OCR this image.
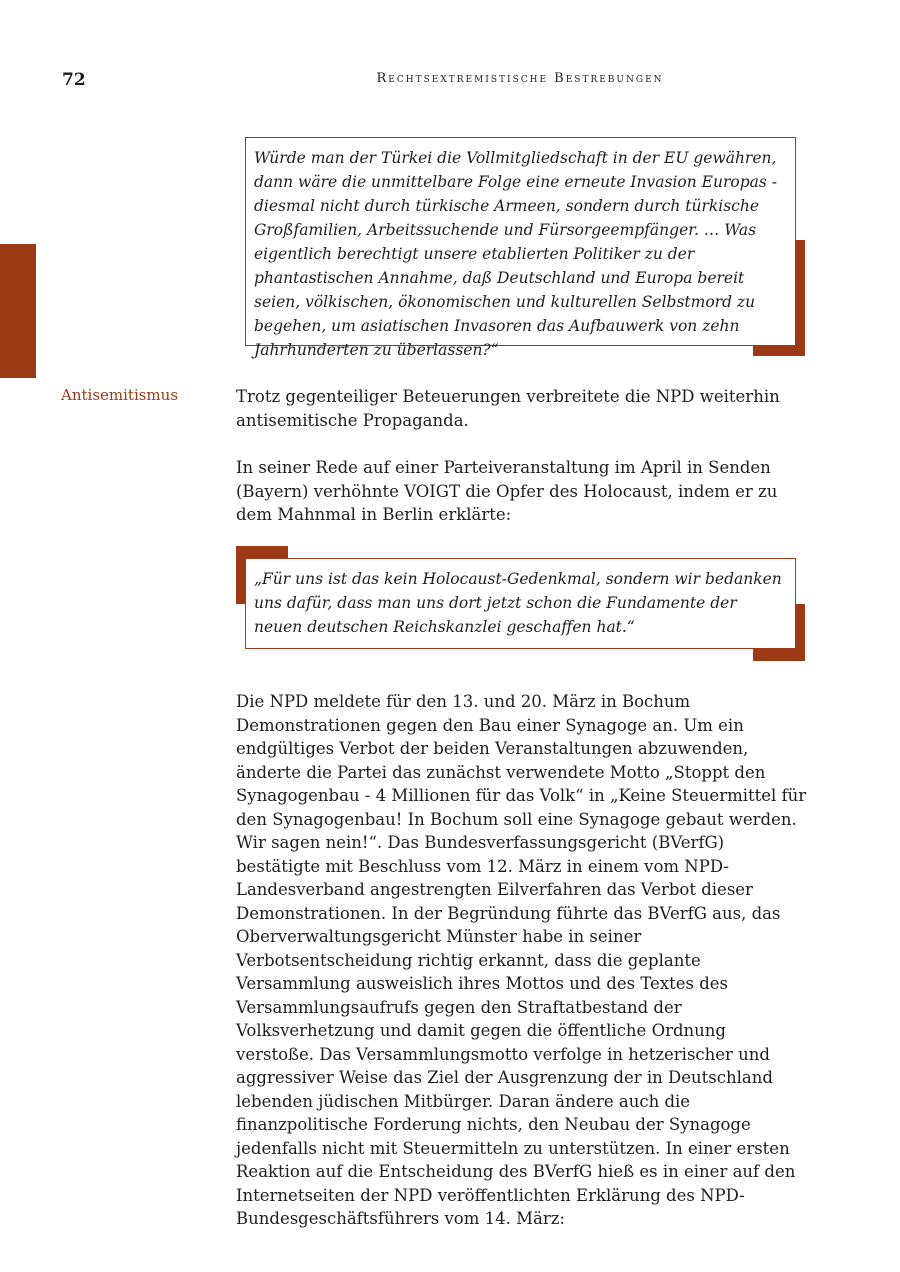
72	Rechtsextremistische Bestrebungen
Würde man der Türkei die Vollmitgliedschaft in der EU gewähren, dann wäre die unmittelbare Folge eine erneute Invasion Europas - diesmal nicht durch türkische Armeen, sondern durch türkische Großfamilien, Arbeitssuchende und Fürsorgeempfänger. … Was eigentlich berechtigt unsere etablierten Politiker zu der phantastischen Annahme, daß Deutschland und Europa bereit seien, völkischen, ökonomischen und kulturellen Selbstmord zu begehen, um asiatischen Invasoren das Aufbauwerk von zehn Jahrhunderten zu überlassen?“
Antisemitismus	Trotz gegenteiliger Beteuerungen verbreitete die NPD weiterhin antisemitische Propaganda.

In seiner Rede auf einer Parteiveranstaltung im April in Senden (Bayern) verhöhnte VOIGT die Opfer des Holocaust, indem er zu dem Mahnmal in Berlin erklärte:

„Für uns ist das kein Holocaust-Gedenkmal, sondern wir bedanken uns dafür, dass man uns dort jetzt schon die Fundamente der neuen deutschen Reichskanzlei geschaffen hat.“

Die NPD meldete für den 13. und 20. März in Bochum Demonstrationen gegen den Bau einer Synagoge an. Um ein endgültiges Verbot der beiden Veranstaltungen abzuwenden, änderte die Partei das zunächst verwendete Motto „Stoppt den Synagogenbau - 4 Millionen für das Volk“ in „Keine Steuermittel für den Synagogenbau! In Bochum soll eine Synagoge gebaut werden. Wir sagen nein!“. Das Bundesverfassungsgericht (BVerfG) bestätigte mit Beschluss vom 12. März in einem vom NPD-Landesverband angestrengten Eilverfahren das Verbot dieser Demonstrationen. In der Begründung führte das BVerfG aus, das Oberverwaltungsgericht Münster habe in seiner Verbotsentscheidung richtig erkannt, dass die geplante Versammlung ausweislich ihres Mottos und des Textes des Versammlungsaufrufs gegen den Straftatbestand der Volksverhetzung und damit gegen die öffentliche Ordnung verstoße. Das Versammlungsmotto verfolge in hetzerischer und aggressiver Weise das Ziel der Ausgrenzung der in Deutschland lebenden jüdischen Mitbürger. Daran ändere auch die finanzpolitische Forderung nichts, den Neubau der Synagoge jedenfalls nicht mit Steuermitteln zu unterstützen. In einer ersten Reaktion auf die Entscheidung des BVerfG hieß es in einer auf den Internetseiten der NPD veröffentlichten Erklärung des NPD- Bundesgeschäftsführers vom 14. März:
